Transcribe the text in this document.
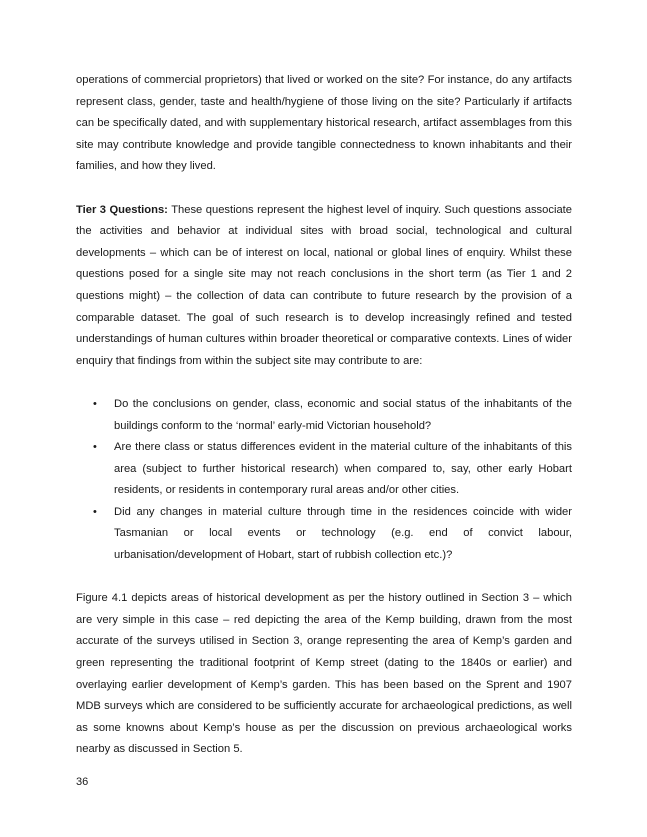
operations of commercial proprietors) that lived or worked on the site? For instance, do any artifacts represent class, gender, taste and health/hygiene of those living on the site? Particularly if artifacts can be specifically dated, and with supplementary historical research, artifact assemblages from this site may contribute knowledge and provide tangible connectedness to known inhabitants and their families, and how they lived.

Tier 3 Questions: These questions represent the highest level of inquiry. Such questions associate the activities and behavior at individual sites with broad social, technological and cultural developments – which can be of interest on local, national or global lines of enquiry. Whilst these questions posed for a single site may not reach conclusions in the short term (as Tier 1 and 2 questions might) – the collection of data can contribute to future research by the provision of a comparable dataset. The goal of such research is to develop increasingly refined and tested understandings of human cultures within broader theoretical or comparative contexts. Lines of wider enquiry that findings from within the subject site may contribute to are:

• Do the conclusions on gender, class, economic and social status of the inhabitants of the buildings conform to the ‘normal’ early-mid Victorian household?
• Are there class or status differences evident in the material culture of the inhabitants of this area (subject to further historical research) when compared to, say, other early Hobart residents, or residents in contemporary rural areas and/or other cities.
• Did any changes in material culture through time in the residences coincide with wider Tasmanian or local events or technology (e.g. end of convict labour, urbanisation/development of Hobart, start of rubbish collection etc.)?

Figure 4.1 depicts areas of historical development as per the history outlined in Section 3 – which are very simple in this case – red depicting the area of the Kemp building, drawn from the most accurate of the surveys utilised in Section 3, orange representing the area of Kemp’s garden and green representing the traditional footprint of Kemp street (dating to the 1840s or earlier) and overlaying earlier development of Kemp’s garden. This has been based on the Sprent and 1907 MDB surveys which are considered to be sufficiently accurate for archaeological predictions, as well as some knowns about Kemp’s house as per the discussion on previous archaeological works nearby as discussed in Section 5.

36
